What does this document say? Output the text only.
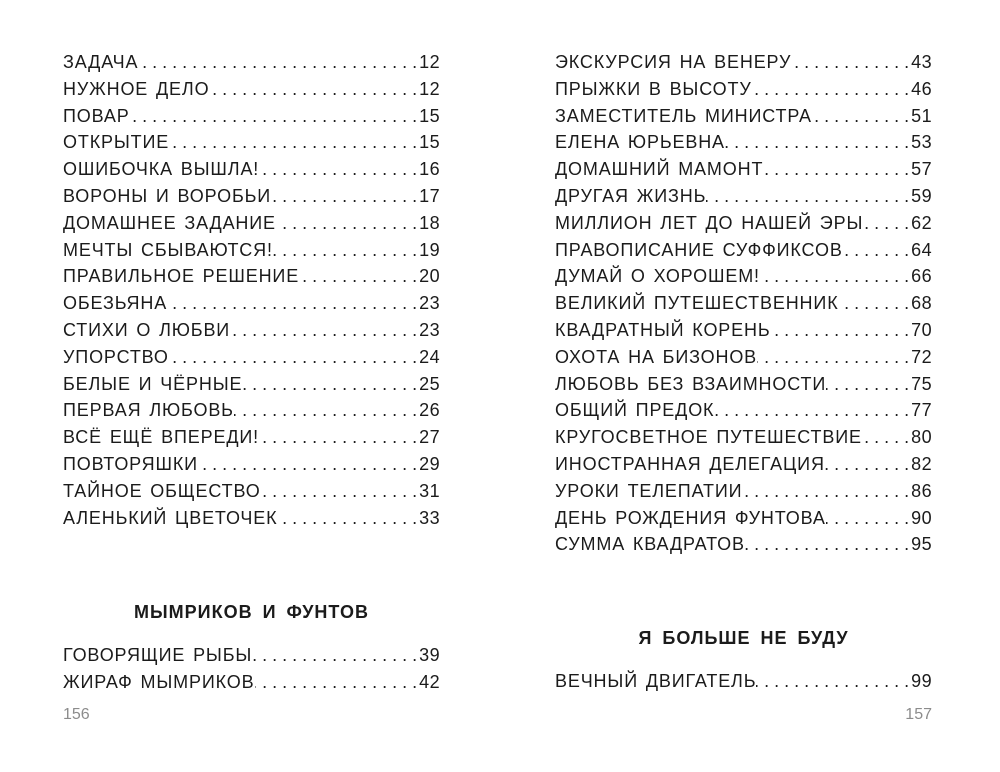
ЗАДАЧА . . .	12
НУЖНОЕ ДЕЛО . . .	12
ПОВАР . . .	15
ОТКРЫТИЕ . . .	15
ОШИБОЧКА ВЫШЛА! . . .	16
ВОРОНЫ И ВОРОБЬИ . . .	17
ДОМАШНЕЕ ЗАДАНИЕ . . .	18
МЕЧТЫ СБЫВАЮТСЯ! . . .	19
ПРАВИЛЬНОЕ РЕШЕНИЕ . . .	20
ОБЕЗЬЯНА . . .	23
СТИХИ О ЛЮБВИ . . .	23
УПОРСТВО . . .	24
БЕЛЫЕ И ЧЁРНЫЕ . . .	25
ПЕРВАЯ ЛЮБОВЬ . . .	26
ВСЁ ЕЩЁ ВПЕРЕДИ! . . .	27
ПОВТОРЯШКИ . . .	29
ТАЙНОЕ ОБЩЕСТВО . . .	31
АЛЕНЬКИЙ ЦВЕТОЧЕК . . .	33
МЫМРИКОВ И ФУНТОВ
ГОВОРЯЩИЕ РЫБЫ . . .	39
ЖИРАФ МЫМРИКОВ . . .	42
156
ЭКСКУРСИЯ НА ВЕНЕРУ . . .	43
ПРЫЖКИ В ВЫСОТУ . . .	46
ЗАМЕСТИТЕЛЬ МИНИСТРА . . .	51
ЕЛЕНА ЮРЬЕВНА . . .	53
ДОМАШНИЙ МАМОНТ . . .	57
ДРУГАЯ ЖИЗНЬ . . .	59
МИЛЛИОН ЛЕТ ДО НАШЕЙ ЭРЫ . . .	62
ПРАВОПИСАНИЕ СУФФИКСОВ . . .	64
ДУМАЙ О ХОРОШЕМ! . . .	66
ВЕЛИКИЙ ПУТЕШЕСТВЕННИК . . .	68
КВАДРАТНЫЙ КОРЕНЬ . . .	70
ОХОТА НА БИЗОНОВ . . .	72
ЛЮБОВЬ БЕЗ ВЗАИМНОСТИ . . .	75
ОБЩИЙ ПРЕДОК . . .	77
КРУГОСВЕТНОЕ ПУТЕШЕСТВИЕ . . .	80
ИНОСТРАННАЯ ДЕЛЕГАЦИЯ . . .	82
УРОКИ ТЕЛЕПАТИИ . . .	86
ДЕНЬ РОЖДЕНИЯ ФУНТОВА . . .	90
СУММА КВАДРАТОВ . . .	95
Я БОЛЬШЕ НЕ БУДУ
ВЕЧНЫЙ ДВИГАТЕЛЬ . . .	99
157
